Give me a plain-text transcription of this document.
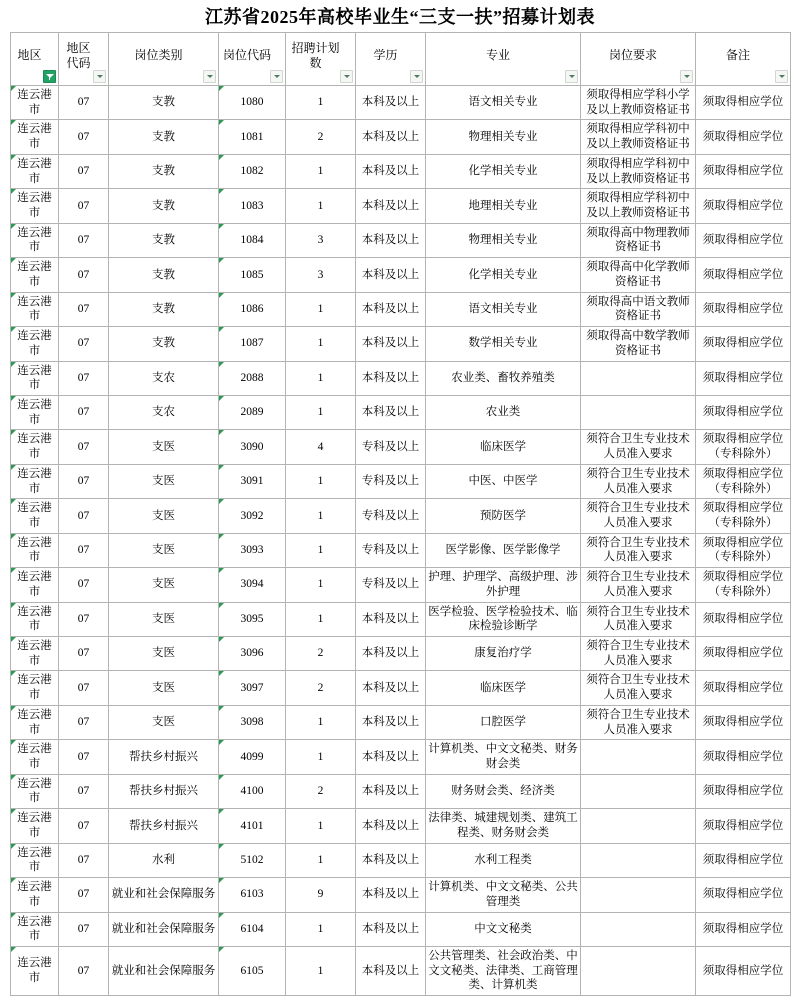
江苏省2025年高校毕业生“三支一扶”招募计划表
地区	地区代码	岗位类别	岗位代码	招聘计划数	学历	专业	岗位要求	备注

连云港市	07	支教	1080	1	本科及以上	语文相关专业	须取得相应学科小学及以上教师资格证书	须取得相应学位

连云港市	07	支教	1081	2	本科及以上	物理相关专业	须取得相应学科初中及以上教师资格证书	须取得相应学位

连云港市	07	支教	1082	1	本科及以上	化学相关专业	须取得相应学科初中及以上教师资格证书	须取得相应学位

连云港市	07	支教	1083	1	本科及以上	地理相关专业	须取得相应学科初中及以上教师资格证书	须取得相应学位

连云港市	07	支教	1084	3	本科及以上	物理相关专业	须取得高中物理教师资格证书	须取得相应学位

连云港市	07	支教	1085	3	本科及以上	化学相关专业	须取得高中化学教师资格证书	须取得相应学位

连云港市	07	支教	1086	1	本科及以上	语文相关专业	须取得高中语文教师资格证书	须取得相应学位

连云港市	07	支教	1087	1	本科及以上	数学相关专业	须取得高中数学教师资格证书	须取得相应学位

连云港市	07	支农	2088	1	本科及以上	农业类、畜牧养殖类		须取得相应学位

连云港市	07	支农	2089	1	本科及以上	农业类		须取得相应学位

连云港市	07	支医	3090	4	专科及以上	临床医学	须符合卫生专业技术人员准入要求	须取得相应学位（专科除外）

连云港市	07	支医	3091	1	专科及以上	中医、中医学	须符合卫生专业技术人员准入要求	须取得相应学位（专科除外）

连云港市	07	支医	3092	1	专科及以上	预防医学	须符合卫生专业技术人员准入要求	须取得相应学位（专科除外）

连云港市	07	支医	3093	1	专科及以上	医学影像、医学影像学	须符合卫生专业技术人员准入要求	须取得相应学位（专科除外）

连云港市	07	支医	3094	1	专科及以上	护理、护理学、高级护理、涉外护理	须符合卫生专业技术人员准入要求	须取得相应学位（专科除外）

连云港市	07	支医	3095	1	本科及以上	医学检验、医学检验技术、临床检验诊断学	须符合卫生专业技术人员准入要求	须取得相应学位

连云港市	07	支医	3096	2	本科及以上	康复治疗学	须符合卫生专业技术人员准入要求	须取得相应学位

连云港市	07	支医	3097	2	本科及以上	临床医学	须符合卫生专业技术人员准入要求	须取得相应学位

连云港市	07	支医	3098	1	本科及以上	口腔医学	须符合卫生专业技术人员准入要求	须取得相应学位

连云港市	07	帮扶乡村振兴	4099	1	本科及以上	计算机类、中文文秘类、财务财会类		须取得相应学位

连云港市	07	帮扶乡村振兴	4100	2	本科及以上	财务财会类、经济类		须取得相应学位

连云港市	07	帮扶乡村振兴	4101	1	本科及以上	法律类、城建规划类、建筑工程类、财务财会类		须取得相应学位

连云港市	07	水利	5102	1	本科及以上	水利工程类		须取得相应学位

连云港市	07	就业和社会保障服务	6103	9	本科及以上	计算机类、中文文秘类、公共管理类		须取得相应学位

连云港市	07	就业和社会保障服务	6104	1	本科及以上	中文文秘类		须取得相应学位

连云港市	07	就业和社会保障服务	6105	1	本科及以上	公共管理类、社会政治类、中文文秘类、法律类、工商管理类、计算机类		须取得相应学位
